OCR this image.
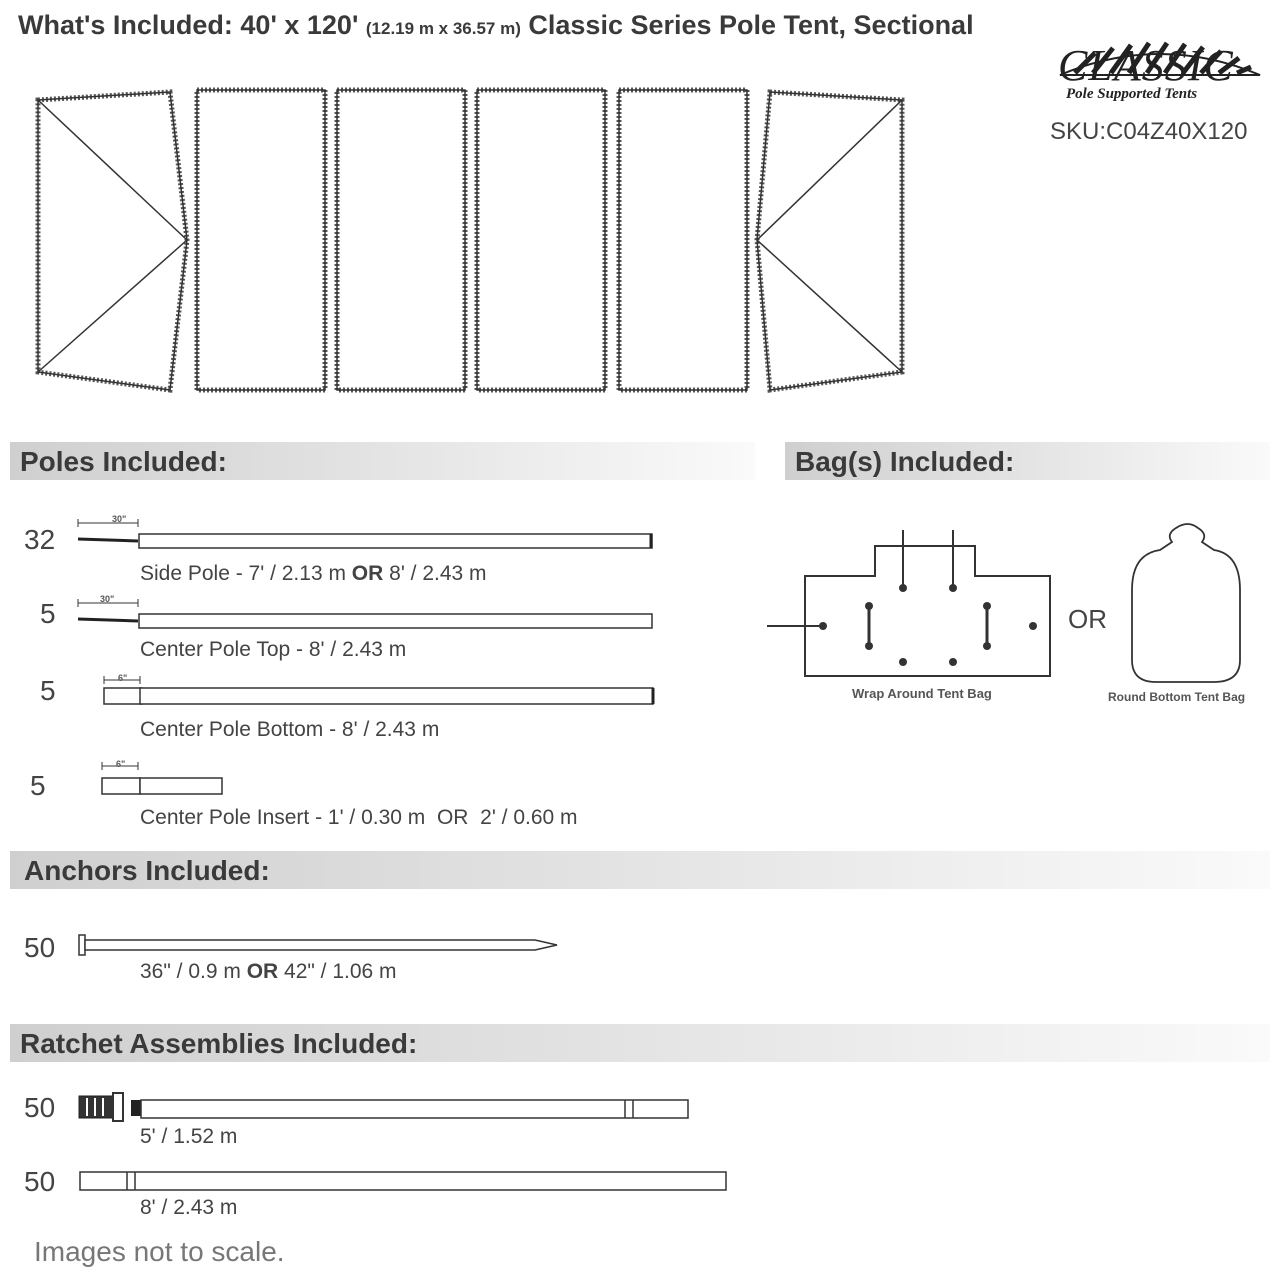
What's Included: 40' x 120' (12.19 m x 36.57 m) Classic Series Pole Tent, Sectional
CLASSIC
Pole Supported Tents
SKU:C04Z40X120
Poles Included:	Bag(s) Included:
32
30"
Side Pole - 7' / 2.13 m OR 8' / 2.43 m
5	30"
Center Pole Top - 8' / 2.43 m
5	6"
Center Pole Bottom - 8' / 2.43 m
5
6"
Center Pole Insert - 1' / 0.30 m  OR  2' / 0.60 m
Wrap Around Tent Bag
OR
Round Bottom Tent Bag
Anchors Included:
50
36" / 0.9 m OR 42" / 1.06 m
Ratchet Assemblies Included:
50
5' / 1.52 m
50
8' / 2.43 m
Images not to scale.
